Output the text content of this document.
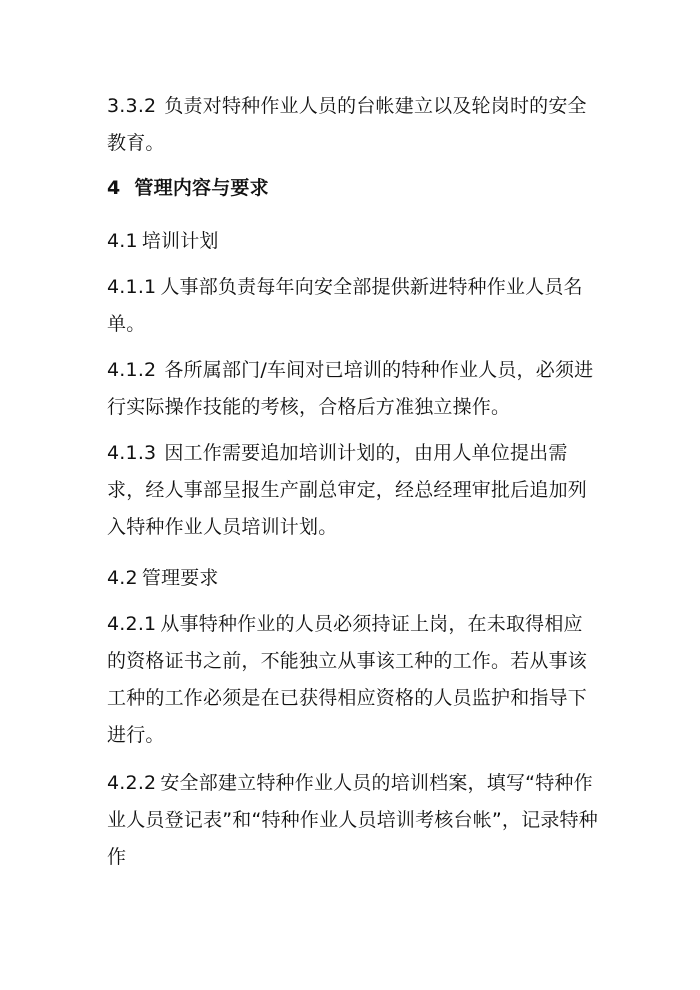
3.3.2 负责对特种作业人员的台帐建立以及轮岗时的安全教育。

4 管理内容与要求

4.1 培训计划

4.1.1 人事部负责每年向安全部提供新进特种作业人员名单。

4.1.2 各所属部门/车间对已培训的特种作业人员，必须进行实际操作技能的考核，合格后方准独立操作。

4.1.3 因工作需要追加培训计划的，由用人单位提出需求，经人事部呈报生产副总审定，经总经理审批后追加列入特种作业人员培训计划。

4.2 管理要求

4.2.1 从事特种作业的人员必须持证上岗，在未取得相应的资格证书之前，不能独立从事该工种的工作。若从事该工种的工作必须是在已获得相应资格的人员监护和指导下进行。

4.2.2 安全部建立特种作业人员的培训档案，填写“特种作业人员登记表”和“特种作业人员培训考核台帐”，记录特种作
